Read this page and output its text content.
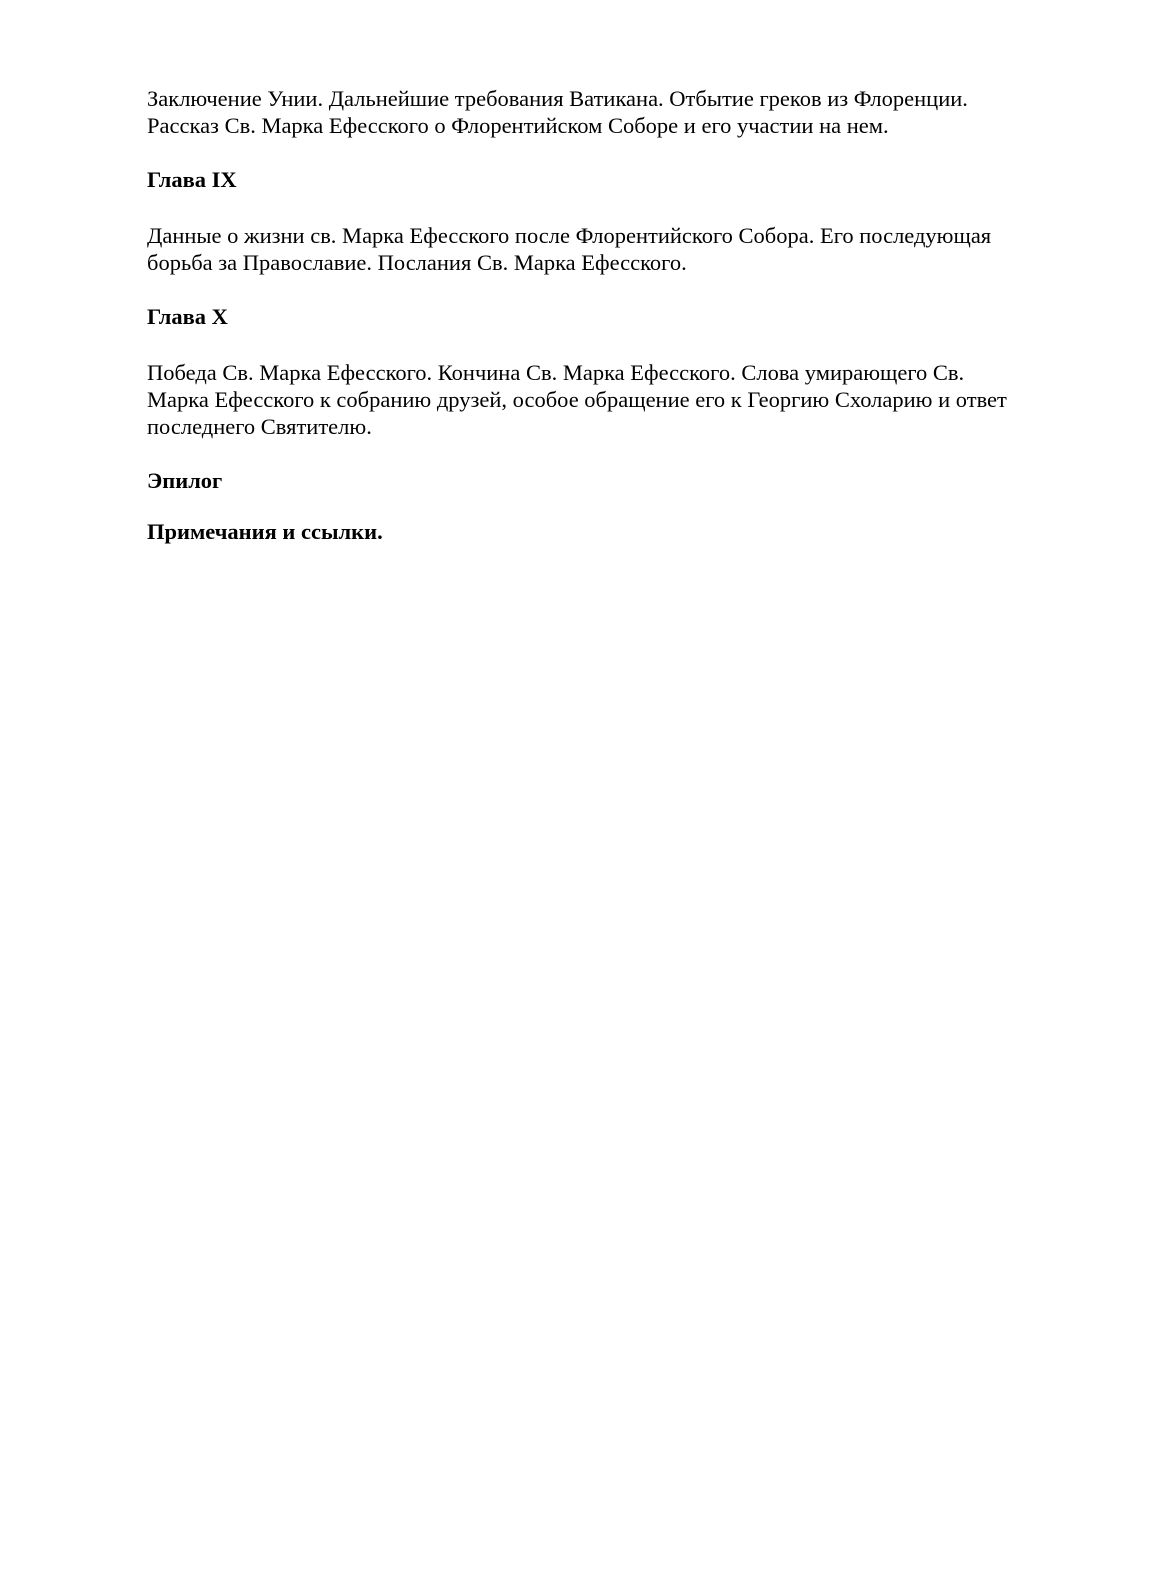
Заключение Унии. Дальнейшие требования Ватикана. Отбытие греков из Флоренции.
Рассказ Св. Марка Ефесского о Флорентийском Соборе и его участии на нем.

Глава IX

Данные о жизни св. Марка Ефесского после Флорентийского Собора. Его последующая
борьба за Православие. Послания Св. Марка Ефесского.

Глава X

Победа Св. Марка Ефесского. Кончина Св. Марка Ефесского. Слова умирающего Св.
Марка Ефесского к собранию друзей, особое обращение его к Георгию Схоларию и ответ
последнего Святителю.

Эпилог

Примечания и ссылки.
